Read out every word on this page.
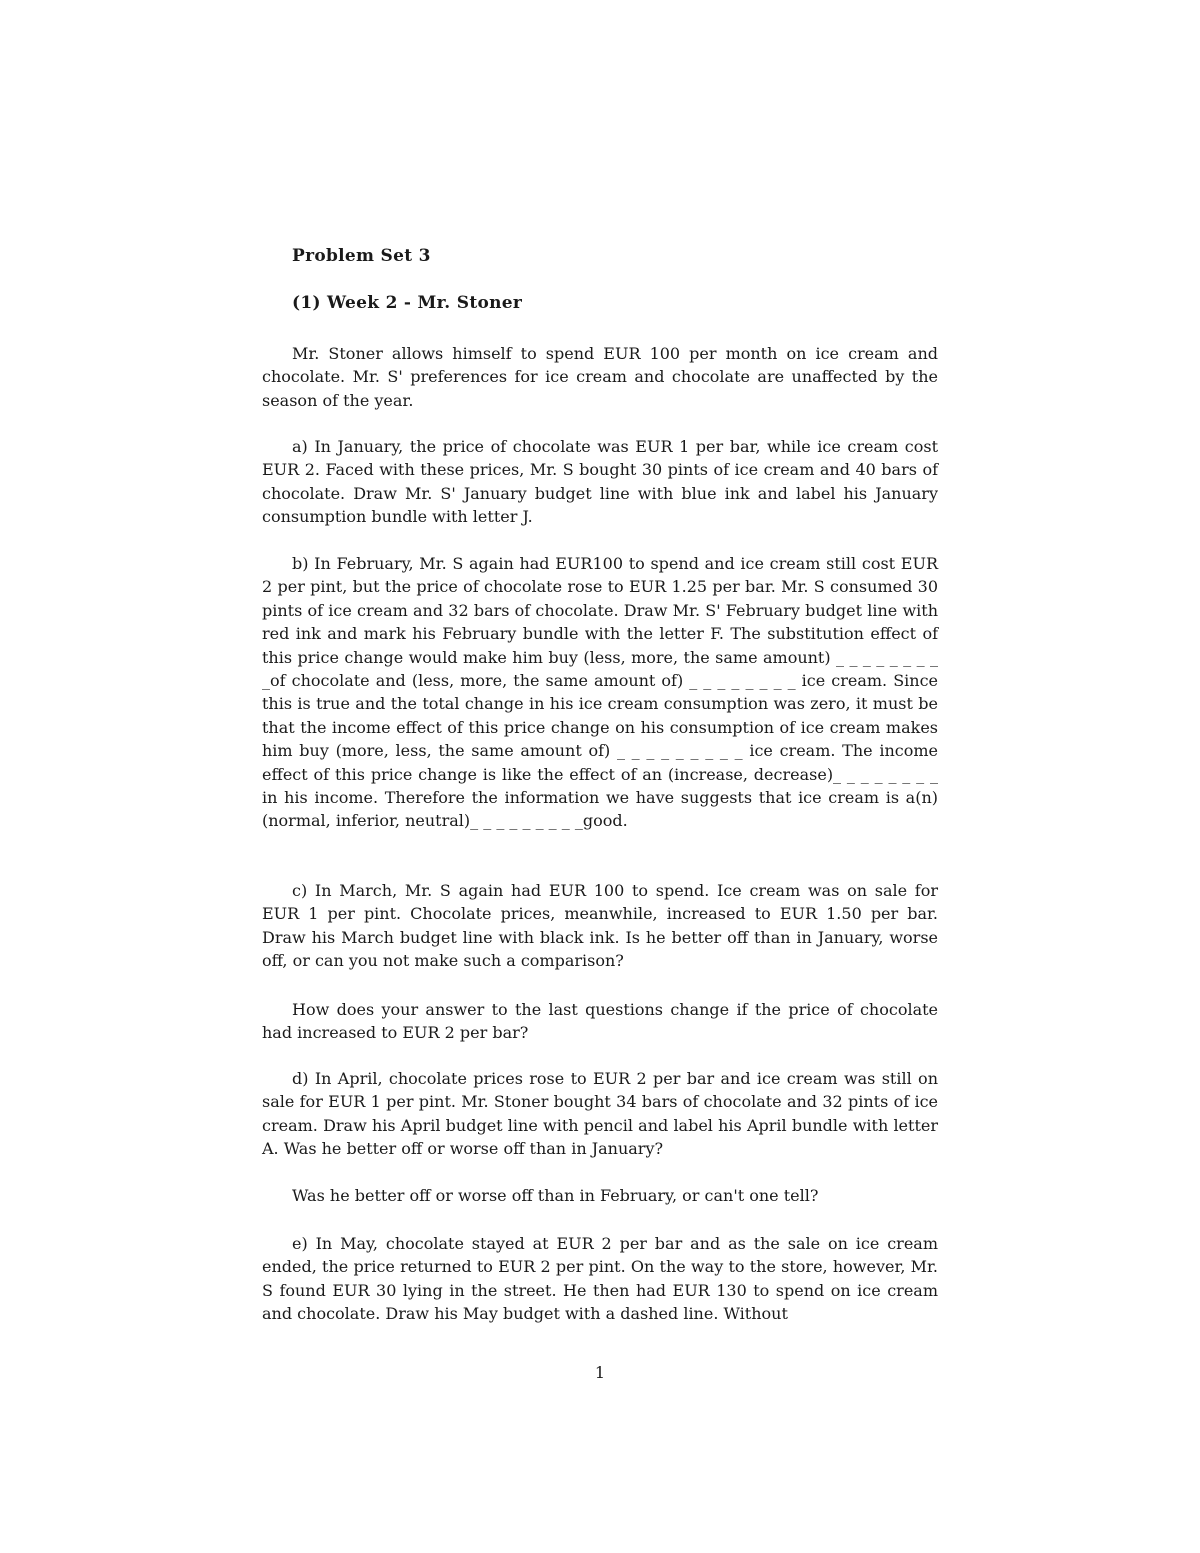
Problem Set 3
(1) Week 2 - Mr. Stoner

Mr. Stoner allows himself to spend EUR 100 per month on ice cream and chocolate. Mr. S' preferences for ice cream and chocolate are unaffected by the season of the year.

a) In January, the price of chocolate was EUR 1 per bar, while ice cream cost EUR 2. Faced with these prices, Mr. S bought 30 pints of ice cream and 40 bars of chocolate. Draw Mr. S' January budget line with blue ink and label his January consumption bundle with letter J.

b) In February, Mr. S again had EUR100 to spend and ice cream still cost EUR 2 per pint, but the price of chocolate rose to EUR 1.25 per bar. Mr. S consumed 30 pints of ice cream and 32 bars of chocolate. Draw Mr. S' February budget line with red ink and mark his February bundle with the letter F. The substitution effect of this price change would make him buy (less, more, the same amount) _ _ _ _ _ _ _ _ _of chocolate and (less, more, the same amount of) _ _ _ _ _ _ _ _ ice cream. Since this is true and the total change in his ice cream consumption was zero, it must be that the income effect of this price change on his consumption of ice cream makes him buy (more, less, the same amount of) _ _ _ _ _ _ _ _ _ ice cream. The income effect of this price change is like the effect of an (increase, decrease)_ _ _ _ _ _ _ _ in his income. Therefore the information we have suggests that ice cream is a(n) (normal, inferior, neutral)_ _ _ _ _ _ _ _ _good.

c) In March, Mr. S again had EUR 100 to spend. Ice cream was on sale for EUR 1 per pint. Chocolate prices, meanwhile, increased to EUR 1.50 per bar. Draw his March budget line with black ink. Is he better off than in January, worse off, or can you not make such a comparison?

How does your answer to the last questions change if the price of chocolate had increased to EUR 2 per bar?

d) In April, chocolate prices rose to EUR 2 per bar and ice cream was still on sale for EUR 1 per pint. Mr. Stoner bought 34 bars of chocolate and 32 pints of ice cream. Draw his April budget line with pencil and label his April bundle with letter A. Was he better off or worse off than in January?

Was he better off or worse off than in February, or can't one tell?

e) In May, chocolate stayed at EUR 2 per bar and as the sale on ice cream ended, the price returned to EUR 2 per pint. On the way to the store, however, Mr. S found EUR 30 lying in the street. He then had EUR 130 to spend on ice cream and chocolate. Draw his May budget with a dashed line. Without

1
